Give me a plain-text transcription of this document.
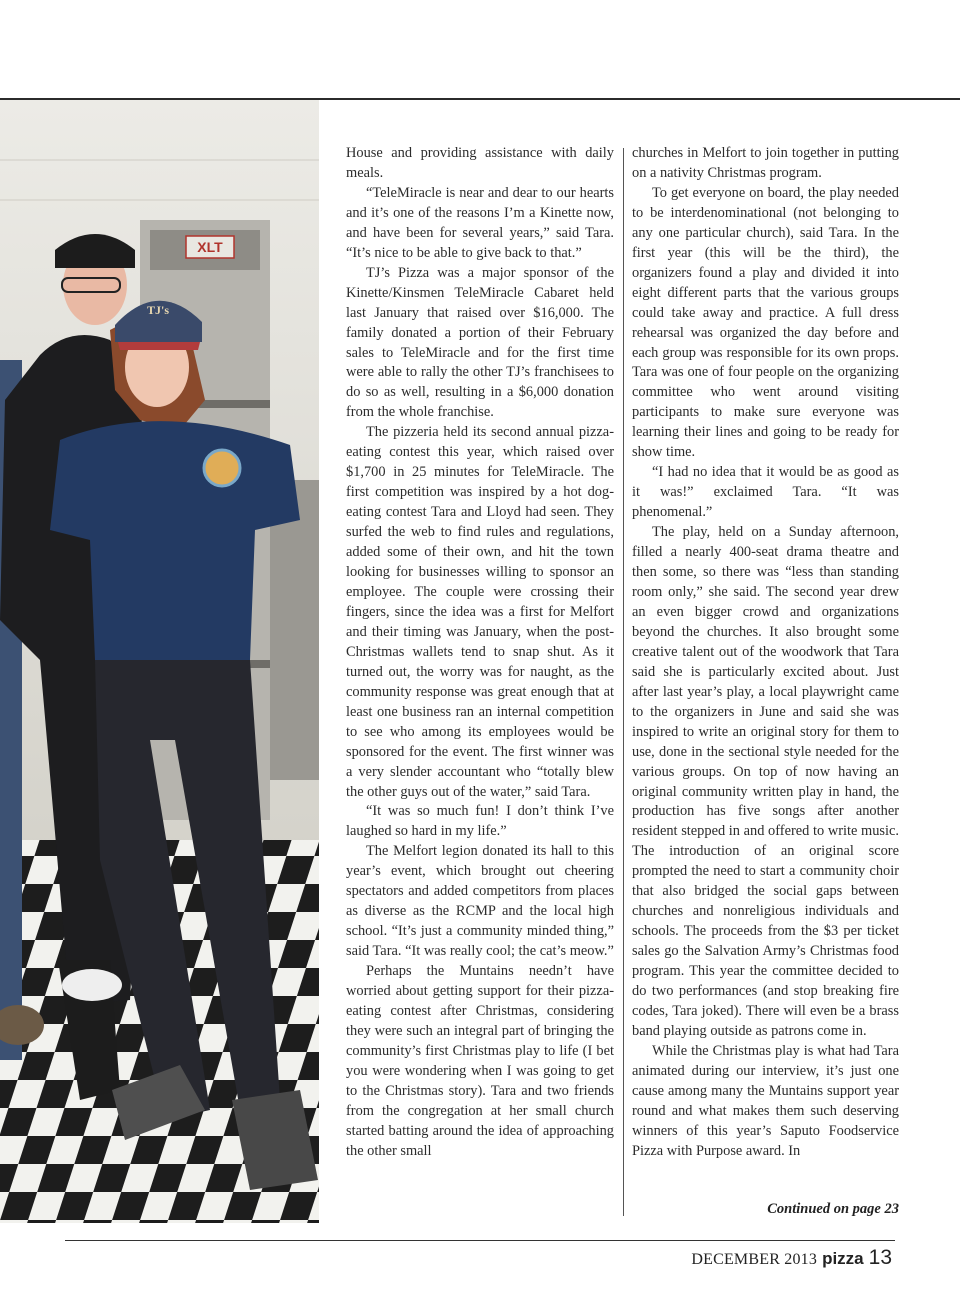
XLT
TJ's

House and providing assistance with daily meals.

“TeleMiracle is near and dear to our hearts and it’s one of the reasons I’m a Kinette now, and have been for several years,” said Tara. “It’s nice to be able to give back to that.”

TJ’s Pizza was a major sponsor of the Kinette/Kinsmen TeleMiracle Cabaret held last January that raised over $16,000. The family donated a portion of their February sales to TeleMiracle and for the first time were able to rally the other TJ’s franchisees to do so as well, resulting in a $6,000 donation from the whole franchise.

The pizzeria held its second annual pizza-eating contest this year, which raised over $1,700 in 25 minutes for TeleMiracle. The first competition was inspired by a hot dog-eating contest Tara and Lloyd had seen. They surfed the web to find rules and regulations, added some of their own, and hit the town looking for businesses willing to sponsor an employee. The couple were crossing their fingers, since the idea was a first for Melfort and their timing was January, when the post-Christmas wallets tend to snap shut. As it turned out, the worry was for naught, as the community response was great enough that at least one business ran an internal competition to see who among its employees would be sponsored for the event. The first winner was a very slender accountant who “totally blew the other guys out of the water,” said Tara.

“It was so much fun! I don’t think I’ve laughed so hard in my life.”

The Melfort legion donated its hall to this year’s event, which brought out cheering spectators and added competitors from places as diverse as the RCMP and the local high school. “It’s just a community minded thing,” said Tara. “It was really cool; the cat’s meow.”

Perhaps the Muntains needn’t have worried about getting support for their pizza-eating contest after Christmas, considering they were such an integral part of bringing the community’s first Christmas play to life (I bet you were wondering when I was going to get to the Christmas story). Tara and two friends from the congregation at her small church started batting around the idea of approaching the other small

churches in Melfort to join together in putting on a nativity Christmas program.

To get everyone on board, the play needed to be interdenominational (not belonging to any one particular church), said Tara. In the first year (this will be the third), the organizers found a play and divided it into eight different parts that the various groups could take away and practice. A full dress rehearsal was organized the day before and each group was responsible for its own props. Tara was one of four people on the organizing committee who went around visiting participants to make sure everyone was learning their lines and going to be ready for show time.

“I had no idea that it would be as good as it was!” exclaimed Tara. “It was phenomenal.”

The play, held on a Sunday afternoon, filled a nearly 400-seat drama theatre and then some, so there was “less than standing room only,” she said. The second year drew an even bigger crowd and organizations beyond the churches. It also brought some creative talent out of the woodwork that Tara said she is particularly excited about. Just after last year’s play, a local playwright came to the organizers in June and said she was inspired to write an original story for them to use, done in the sectional style needed for the various groups. On top of now having an original community written play in hand, the production has five songs after another resident stepped in and offered to write music. The introduction of an original score prompted the need to start a community choir that also bridged the social gaps between churches and nonreligious individuals and schools. The proceeds from the $3 per ticket sales go the Salvation Army’s Christmas food program. This year the committee decided to do two performances (and stop breaking fire codes, Tara joked). There will even be a brass band playing outside as patrons come in.

While the Christmas play is what had Tara animated during our interview, it’s just one cause among many the Muntains support year round and what makes them such deserving winners of this year’s Saputo Foodservice Pizza with Purpose award. In

Continued on page 23
DECEMBER 2013 pizza 13
